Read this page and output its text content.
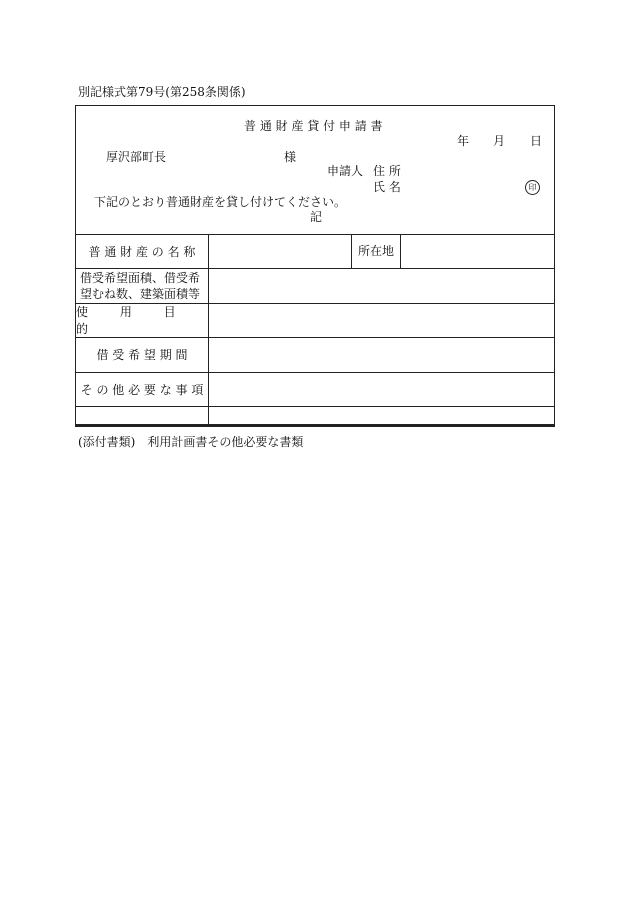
別記様式第79号(第258条関係)
普 通 財 産 貸 付 申 請 書
年 月 日
厚沢部町長	様
申請人 住 所
氏 名
下記のとおり普通財産を貸し付けてください。
記
普 通 財 産 の 名 称	所在地
借受希望面積、借受希
望むね数、建築面積等
使 用 目 的
借 受 希 望 期 間
そ の 他 必 要 な 事 項
印
(添付書類)　利用計画書その他必要な書類
